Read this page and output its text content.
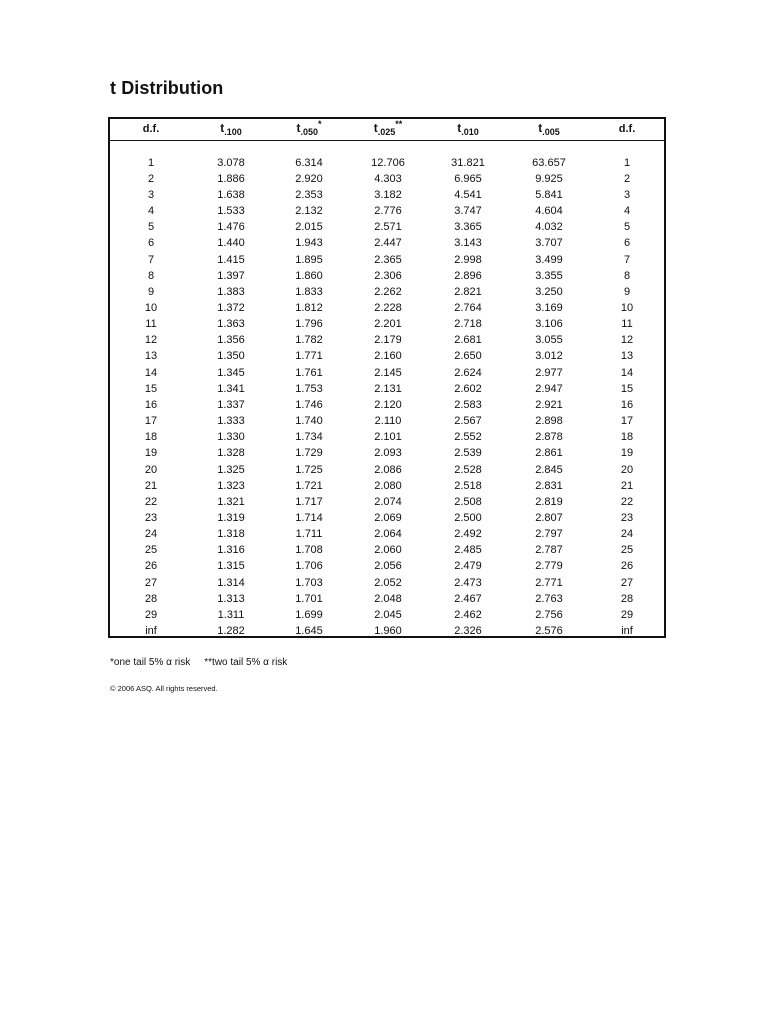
t Distribution
d.f.	$t_{.100}$	$t_{.050}^*$	$t_{.025}^{**}$	$t_{.010}$	$t_{.005}$	d.f.

1	3.078	6.314	12.706	31.821	63.657	1
2	1.886	2.920	4.303	6.965	9.925	2
3	1.638	2.353	3.182	4.541	5.841	3
4	1.533	2.132	2.776	3.747	4.604	4
5	1.476	2.015	2.571	3.365	4.032	5
6	1.440	1.943	2.447	3.143	3.707	6
7	1.415	1.895	2.365	2.998	3.499	7
8	1.397	1.860	2.306	2.896	3.355	8
9	1.383	1.833	2.262	2.821	3.250	9
10	1.372	1.812	2.228	2.764	3.169	10
11	1.363	1.796	2.201	2.718	3.106	11
12	1.356	1.782	2.179	2.681	3.055	12
13	1.350	1.771	2.160	2.650	3.012	13
14	1.345	1.761	2.145	2.624	2.977	14
15	1.341	1.753	2.131	2.602	2.947	15
16	1.337	1.746	2.120	2.583	2.921	16
17	1.333	1.740	2.110	2.567	2.898	17
18	1.330	1.734	2.101	2.552	2.878	18
19	1.328	1.729	2.093	2.539	2.861	19
20	1.325	1.725	2.086	2.528	2.845	20
21	1.323	1.721	2.080	2.518	2.831	21
22	1.321	1.717	2.074	2.508	2.819	22
23	1.319	1.714	2.069	2.500	2.807	23
24	1.318	1.711	2.064	2.492	2.797	24
25	1.316	1.708	2.060	2.485	2.787	25
26	1.315	1.706	2.056	2.479	2.779	26
27	1.314	1.703	2.052	2.473	2.771	27
28	1.313	1.701	2.048	2.467	2.763	28
29	1.311	1.699	2.045	2.462	2.756	29
inf	1.282	1.645	1.960	2.326	2.576	inf
*one tail 5% α risk **two tail 5% α risk
© 2006 ASQ. All rights reserved.
